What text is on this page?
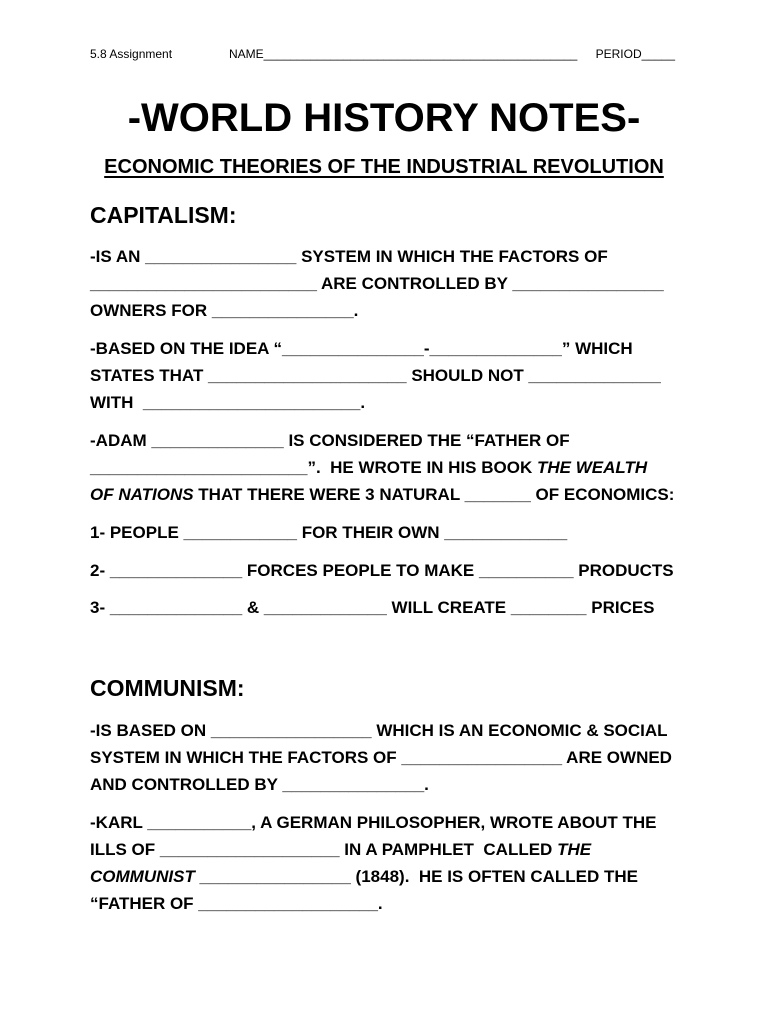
5.8 Assignment	NAME_______________________________________________ PERIOD_____
-WORLD HISTORY NOTES-
ECONOMIC THEORIES OF THE INDUSTRIAL REVOLUTION
CAPITALISM:
-IS AN ________________ SYSTEM IN WHICH THE FACTORS OF
________________________ ARE CONTROLLED BY ________________
OWNERS FOR _______________.
-BASED ON THE IDEA “_______________-______________” WHICH
STATES THAT _____________________ SHOULD NOT ______________
WITH  _______________________.
-ADAM ______________ IS CONSIDERED THE “FATHER OF
_______________________”.  HE WROTE IN HIS BOOK THE WEALTH
OF NATIONS THAT THERE WERE 3 NATURAL _______ OF ECONOMICS:
1- PEOPLE ____________ FOR THEIR OWN _____________
2- ______________ FORCES PEOPLE TO MAKE __________ PRODUCTS
3- ______________ & _____________ WILL CREATE ________ PRICES
COMMUNISM:
-IS BASED ON _________________ WHICH IS AN ECONOMIC & SOCIAL
SYSTEM IN WHICH THE FACTORS OF _________________ ARE OWNED
AND CONTROLLED BY _______________.
-KARL ___________, A GERMAN PHILOSOPHER, WROTE ABOUT THE
ILLS OF ___________________ IN A PAMPHLET  CALLED THE
COMMUNIST ________________ (1848).  HE IS OFTEN CALLED THE
“FATHER OF ___________________.
